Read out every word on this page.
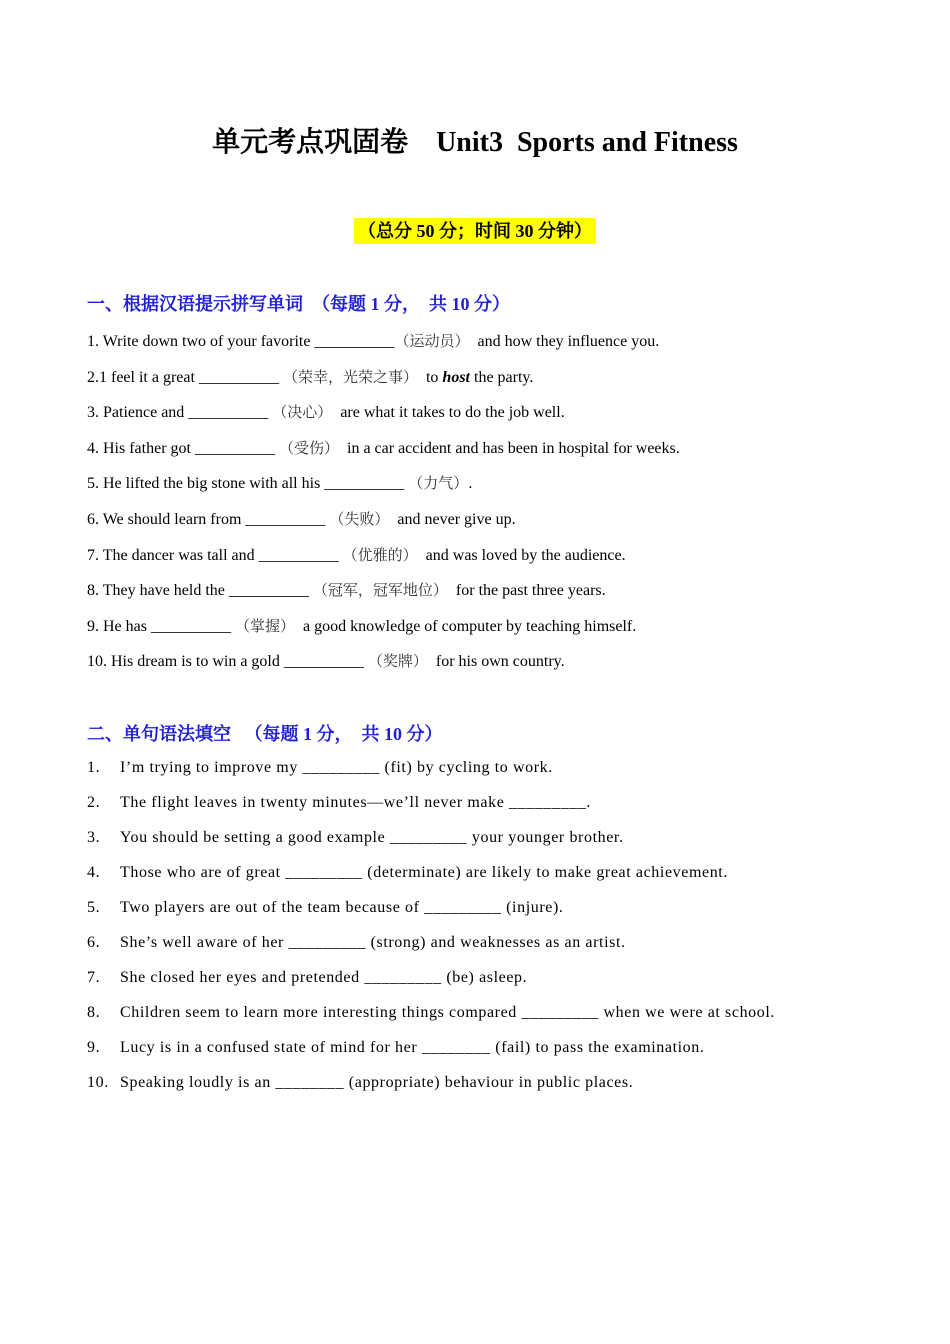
单元考点巩固卷    Unit3  Sports and Fitness
（总分 50 分；时间 30 分钟）
一、根据汉语提示拼写单词  （每题 1 分，  共 10 分）
1. Write down two of your favorite __________（运动员）  and how they influence you.
2.1 feel it a great __________ （荣幸，光荣之事）  to host the party.
3. Patience and __________ （决心）  are what it takes to do the job well.
4. His father got __________ （受伤）  in a car accident and has been in hospital for weeks.
5. He lifted the big stone with all his __________ （力气）.
6. We should learn from __________ （失败）  and never give up.
7. The dancer was tall and __________ （优雅的）  and was loved by the audience.
8. They have held the __________ （冠军，冠军地位）  for the past three years.
9. He has __________ （掌握）  a good knowledge of computer by teaching himself.
10. His dream is to win a gold __________ （奖牌）  for his own country.
二、单句语法填空   （每题 1 分，  共 10 分）
1. I’m trying to improve my _________ (fit) by cycling to work.
2. The flight leaves in twenty minutes—we’ll never make _________.
3. You should be setting a good example _________ your younger brother.
4. Those who are of great _________ (determinate) are likely to make great achievement.
5. Two players are out of the team because of _________ (injure).
6. She’s well aware of her _________ (strong) and weaknesses as an artist.
7. She closed her eyes and pretended _________ (be) asleep.
8. Children seem to learn more interesting things compared _________ when we were at school.
9. Lucy is in a confused state of mind for her ________ (fail) to pass the examination.
10. Speaking loudly is an ________ (appropriate) behaviour in public places.
